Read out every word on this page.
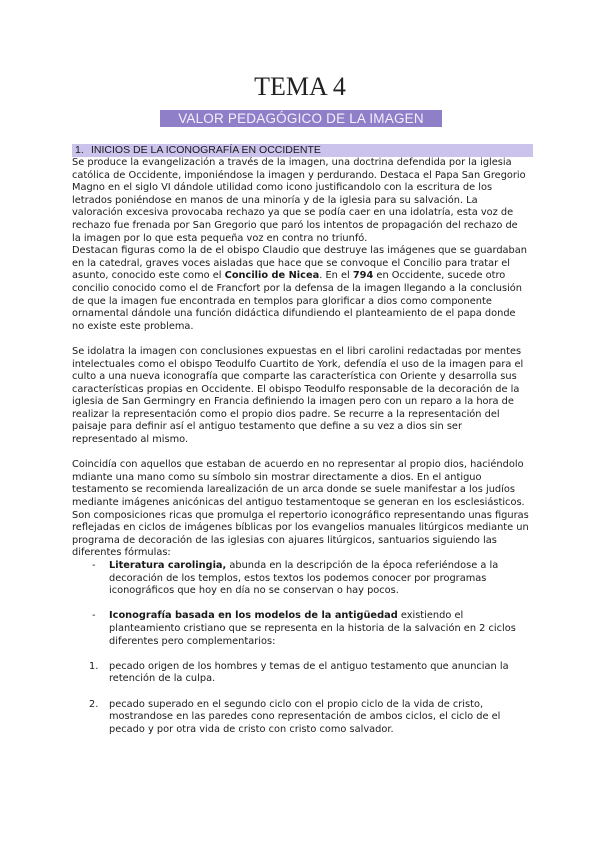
TEMA 4
VALOR PEDAGÓGICO DE LA IMAGEN
1. INICIOS DE LA ICONOGRAFÍA EN OCCIDENTE

Se produce la evangelización a través de la imagen, una doctrina defendida por la iglesia católica de Occidente, imponiéndose la imagen y perdurando. Destaca el Papa San Gregorio Magno en el siglo VI dándole utilidad como icono justificandolo con la escritura de los letrados poniéndose en manos de una minoría y de la iglesia para su salvación. La valoración excesiva provocaba rechazo ya que se podía caer en una idolatría, esta voz de rechazo fue frenada por San Gregorio que paró los intentos de propagación del rechazo de la imagen por lo que esta pequeña voz en contra no triunfó.

Destacan figuras como la de el obispo Claudio que destruye las imágenes que se guardaban en la catedral, graves voces aisladas que hace que se convoque el Concilio para tratar el asunto, conocido este como el Concilio de Nicea. En el 794 en Occidente, sucede otro concilio conocido como el de Francfort por la defensa de la imagen llegando a la conclusión de que la imagen fue encontrada en templos para glorificar a dios como componente ornamental dándole una función didáctica difundiendo el planteamiento de el papa donde no existe este problema.

Se idolatra la imagen con conclusiones expuestas en el libri carolini redactadas por mentes intelectuales como el obispo Teodulfo Cuartito de York, defendía el uso de la imagen para el culto a una nueva iconografía que comparte las característica con Oriente y desarrolla sus características propias en Occidente. El obispo Teodulfo responsable de la decoración de la iglesia de San Germingry en Francia definiendo la imagen pero con un reparo a la hora de realizar la representación como el propio dios padre. Se recurre a la representación del paisaje para definir así el antiguo testamento que define a su vez a dios sin ser representado al mismo.

Coincidía con aquellos que estaban de acuerdo en no representar al propio dios, haciéndolo mdiante una mano como su símbolo sin mostrar directamente a dios. En el antiguo testamento se recomienda larealización de un arca donde se suele manifestar a los judíos mediante imágenes anicónicas del antiguo testamentoque se generan en los esclesiásticos. Son composiciones ricas que promulga el repertorio iconográfico representando unas figuras reflejadas en ciclos de imágenes bíblicas por los evangelios manuales litúrgicos mediante un programa de decoración de las iglesias con ajuares litúrgicos, santuarios siguiendo las diferentes fórmulas:

- Literatura carolingia, abunda en la descripción de la época referiéndose a la decoración de los templos, estos textos los podemos conocer por programas iconográficos que hoy en día no se conservan o hay pocos.
- Iconografía basada en los modelos de la antigüedad existiendo el planteamiento cristiano que se representa en la historia de la salvación en 2 ciclos diferentes pero complementarios:
1. pecado origen de los hombres y temas de el antiguo testamento que anuncian la retención de la culpa.
2. pecado superado en el segundo ciclo con el propio ciclo de la vida de cristo, mostrandose en las paredes cono representación de ambos ciclos, el ciclo de el pecado y por otra vida de cristo con cristo como salvador.
